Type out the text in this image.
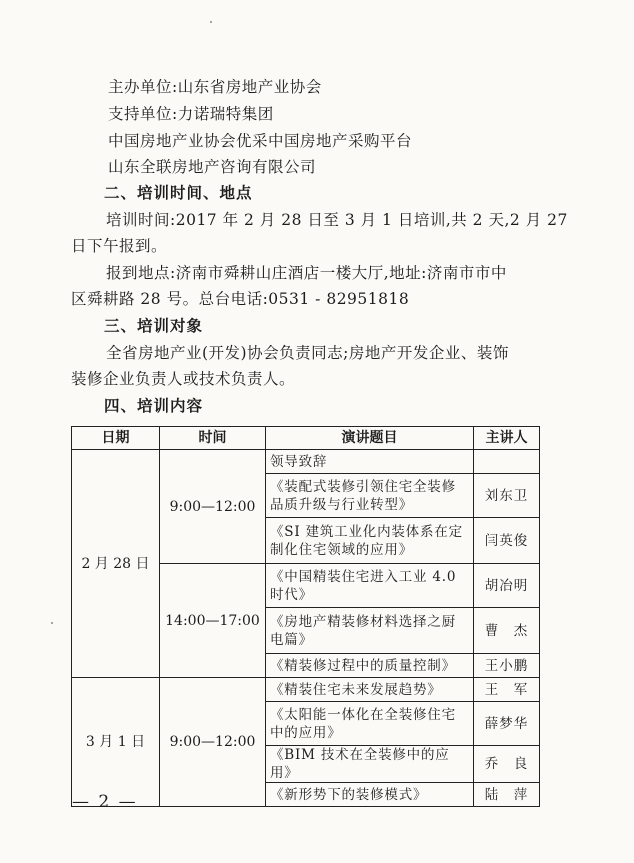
主办单位:山东省房地产业协会
支持单位:力诺瑞特集团
中国房地产业协会优采中国房地产采购平台
山东全联房地产咨询有限公司
二、培训时间、地点
培训时间:2017 年 2 月 28 日至 3 月 1 日培训,共 2 天,2 月 27
日下午报到。
报到地点:济南市舜耕山庄酒店一楼大厅,地址:济南市市中
区舜耕路 28 号。总台电话:0531 - 82951818
三、培训对象
全省房地产业(开发)协会负责同志;房地产开发企业、装饰
装修企业负责人或技术负责人。
四、培训内容
日期	时间	演讲题目	主讲人
2 月 28 日	9:00—12:00	领导致辞	
		《装配式装修引领住宅全装修品质升级与行业转型》	刘东卫
		《SI 建筑工业化内装体系在定制化住宅领域的应用》	闫英俊
	14:00—17:00	《中国精装住宅进入工业 4.0 时代》	胡冶明
		《房地产精装修材料选择之厨电篇》	曹　杰
		《精装修过程中的质量控制》	王小鹏
3 月 1 日	9:00—12:00	《精装住宅未来发展趋势》	王　军
		《太阳能一体化在全装修住宅中的应用》	薛梦华
		《BIM 技术在全装修中的应用》	乔　良
		《新形势下的装修模式》	陆　萍
— 2 —
